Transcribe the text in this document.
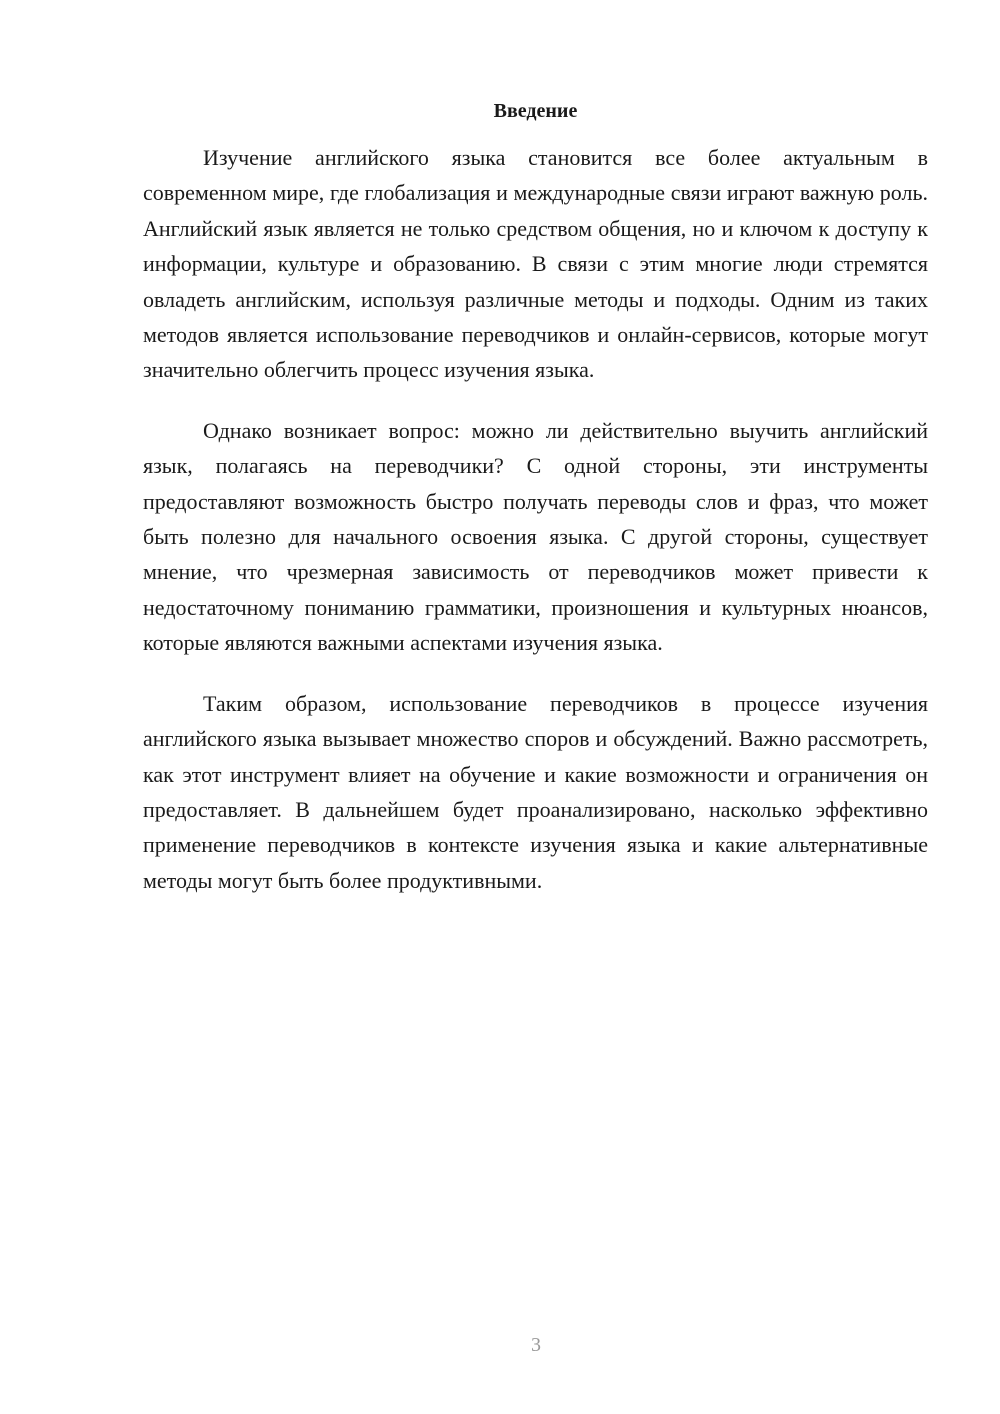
Введение

Изучение английского языка становится все более актуальным в современном мире, где глобализация и международные связи играют важную роль. Английский язык является не только средством общения, но и ключом к доступу к информации, культуре и образованию. В связи с этим многие люди стремятся овладеть английским, используя различные методы и подходы. Одним из таких методов является использование переводчиков и онлайн-сервисов, которые могут значительно облегчить процесс изучения языка.

Однако возникает вопрос: можно ли действительно выучить английский язык, полагаясь на переводчики? С одной стороны, эти инструменты предоставляют возможность быстро получать переводы слов и фраз, что может быть полезно для начального освоения языка. С другой стороны, существует мнение, что чрезмерная зависимость от переводчиков может привести к недостаточному пониманию грамматики, произношения и культурных нюансов, которые являются важными аспектами изучения языка.

Таким образом, использование переводчиков в процессе изучения английского языка вызывает множество споров и обсуждений. Важно рассмотреть, как этот инструмент влияет на обучение и какие возможности и ограничения он предоставляет. В дальнейшем будет проанализировано, насколько эффективно применение переводчиков в контексте изучения языка и какие альтернативные методы могут быть более продуктивными.

3
